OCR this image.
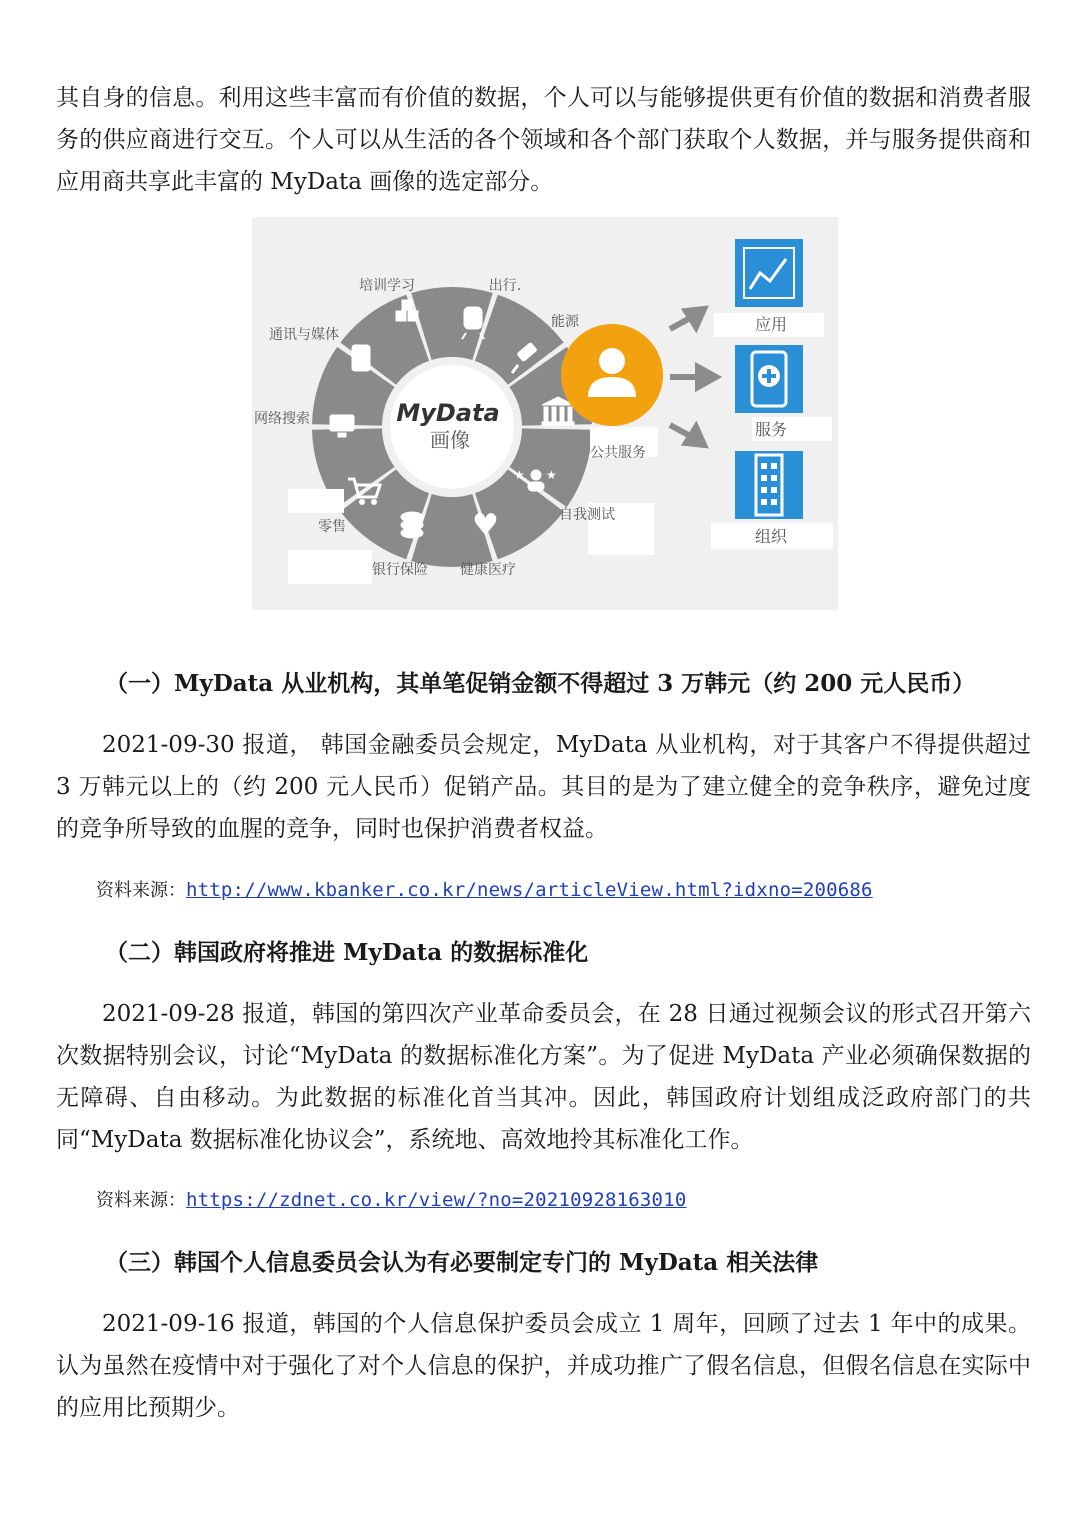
其自身的信息。利用这些丰富而有价值的数据，个人可以与能够提供更有价值的数据和消费者服务的供应商进行交互。个人可以从生活的各个领域和各个部门获取个人数据，并与服务提供商和应用商共享此丰富的 MyData 画像的选定部分。

MyData
画像
★ ★
♥
应用
服务
组织
培训学习	出行.
能源
公共服务
自我测试
健康医疗
银行保险
零售
网络搜索
通讯与媒体

（一）MyData 从业机构，其单笔促销金额不得超过 3 万韩元（约 200 元人民币）

2021-09-30 报道， 韩国金融委员会规定，MyData 从业机构，对于其客户不得提供超过 3 万韩元以上的（约 200 元人民币）促销产品。其目的是为了建立健全的竞争秩序，避免过度的竞争所导致的血腥的竞争，同时也保护消费者权益。

资料来源：http://www.kbanker.co.kr/news/articleView.html?idxno=200686

（二）韩国政府将推进 MyData 的数据标准化

2021-09-28 报道，韩国的第四次产业革命委员会，在 28 日通过视频会议的形式召开第六次数据特别会议，讨论“MyData 的数据标准化方案”。为了促进 MyData 产业必须确保数据的无障碍、自由移动。为此数据的标准化首当其冲。因此，韩国政府计划组成泛政府部门的共同“MyData 数据标准化协议会”，系统地、高效地拎其标准化工作。

资料来源：https://zdnet.co.kr/view/?no=20210928163010

（三）韩国个人信息委员会认为有必要制定专门的 MyData 相关法律

2021-09-16 报道，韩国的个人信息保护委员会成立 1 周年，回顾了过去 1 年中的成果。认为虽然在疫情中对于强化了对个人信息的保护，并成功推广了假名信息，但假名信息在实际中的应用比预期少。
